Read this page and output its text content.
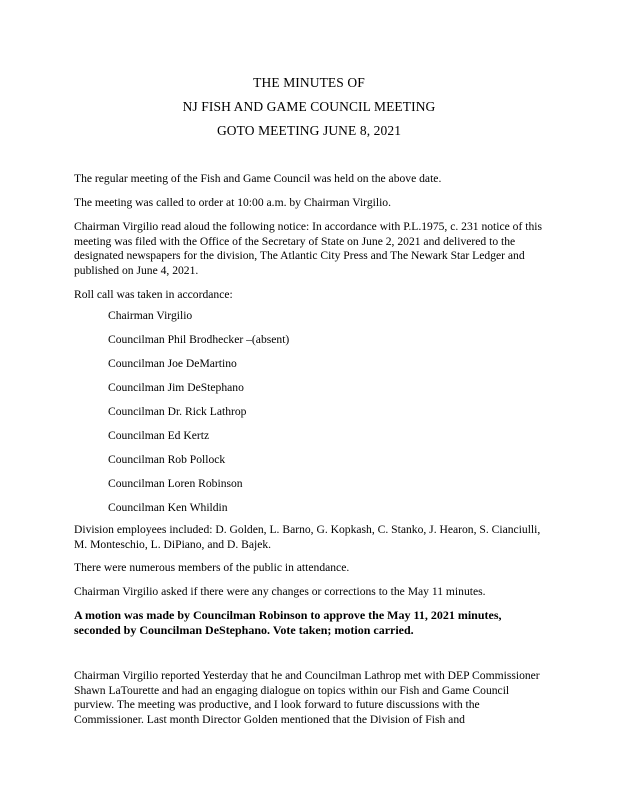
THE MINUTES OF
NJ FISH AND GAME COUNCIL MEETING
GOTO MEETING JUNE 8, 2021

The regular meeting of the Fish and Game Council was held on the above date.

The meeting was called to order at 10:00 a.m. by Chairman Virgilio.

Chairman Virgilio read aloud the following notice: In accordance with P.L.1975, c. 231 notice of this meeting was filed with the Office of the Secretary of State on June 2, 2021 and delivered to the designated newspapers for the division, The Atlantic City Press and The Newark Star Ledger and published on June 4, 2021.

Roll call was taken in accordance:

Chairman Virgilio
Councilman Phil Brodhecker –(absent)
Councilman Joe DeMartino
Councilman Jim DeStephano
Councilman Dr. Rick Lathrop
Councilman Ed Kertz
Councilman Rob Pollock
Councilman Loren Robinson
Councilman Ken Whildin

Division employees included: D. Golden, L. Barno, G. Kopkash, C. Stanko, J. Hearon, S. Cianciulli, M. Monteschio, L. DiPiano, and D. Bajek.

There were numerous members of the public in attendance.

Chairman Virgilio asked if there were any changes or corrections to the May 11 minutes.

A motion was made by Councilman Robinson to approve the May 11, 2021 minutes, seconded by Councilman DeStephano. Vote taken; motion carried.

Chairman Virgilio reported Yesterday that he and Councilman Lathrop met with DEP Commissioner Shawn LaTourette and had an engaging dialogue on topics within our Fish and Game Council purview. The meeting was productive, and I look forward to future discussions with the Commissioner. Last month Director Golden mentioned that the Division of Fish and
